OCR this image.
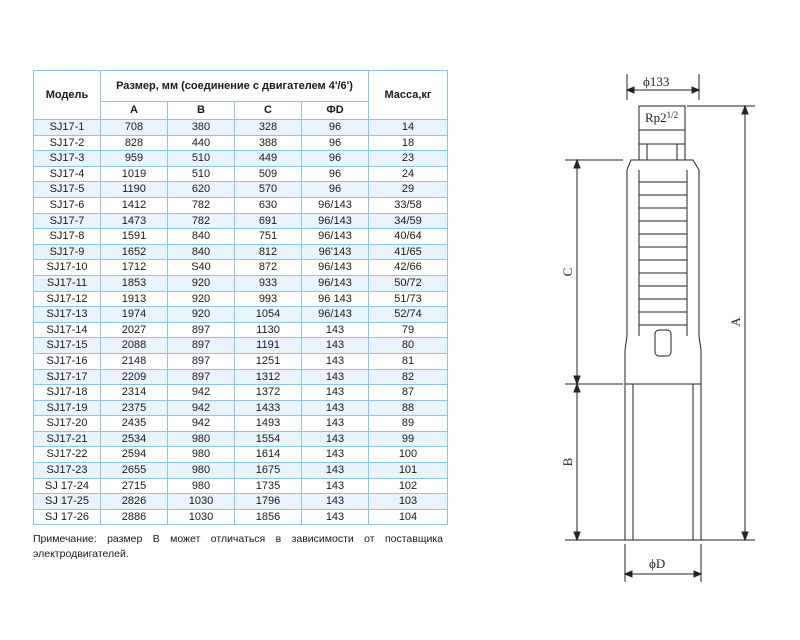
Модель	Размер, мм (соединение с двигателем 4'/6')				Масса,кг
	A	B	C	ФD	
SJ17-1	708	380	328	96	14
SJ17-2	828	440	388	96	18
SJ17-3	959	510	449	96	23
SJ17-4	1019	510	509	96	24
SJ17-5	1190	620	570	96	29
SJ17-6	1412	782	630	96/143	33/58
SJ17-7	1473	782	691	96/143	34/59
SJ17-8	1591	840	751	96/143	40/64
SJ17-9	1652	840	812	96'143	41/65
SJ17-10	1712	S40	872	96/143	42/66
SJ17-11	1853	920	933	96/143	50/72
SJ17-12	1913	920	993	96 143	51/73
SJ17-13	1974	920	1054	96/143	52/74
SJ17-14	2027	897	1130	143	79
SJ17-15	2088	897	1191	143	80
SJ17-16	2148	897	1251	143	81
SJ17-17	2209	897	1312	143	82
SJ17-18	2314	942	1372	143	87
SJ17-19	2375	942	1433	143	88
SJ17-20	2435	942	1493	143	89
SJ17-21	2534	980	1554	143	99
SJ17-22	2594	980	1614	143	100
SJ17-23	2655	980	1675	143	101
SJ 17-24	2715	980	1735	143	102
SJ 17-25	2826	1030	1796	143	103
SJ 17-26	2886	1030	1856	143	104
Примечание: размер В может отличаться в зависимости от поставщика электродвигателей.
ϕ133
$Rp2^{1/2}$
C
B
A
ϕD
